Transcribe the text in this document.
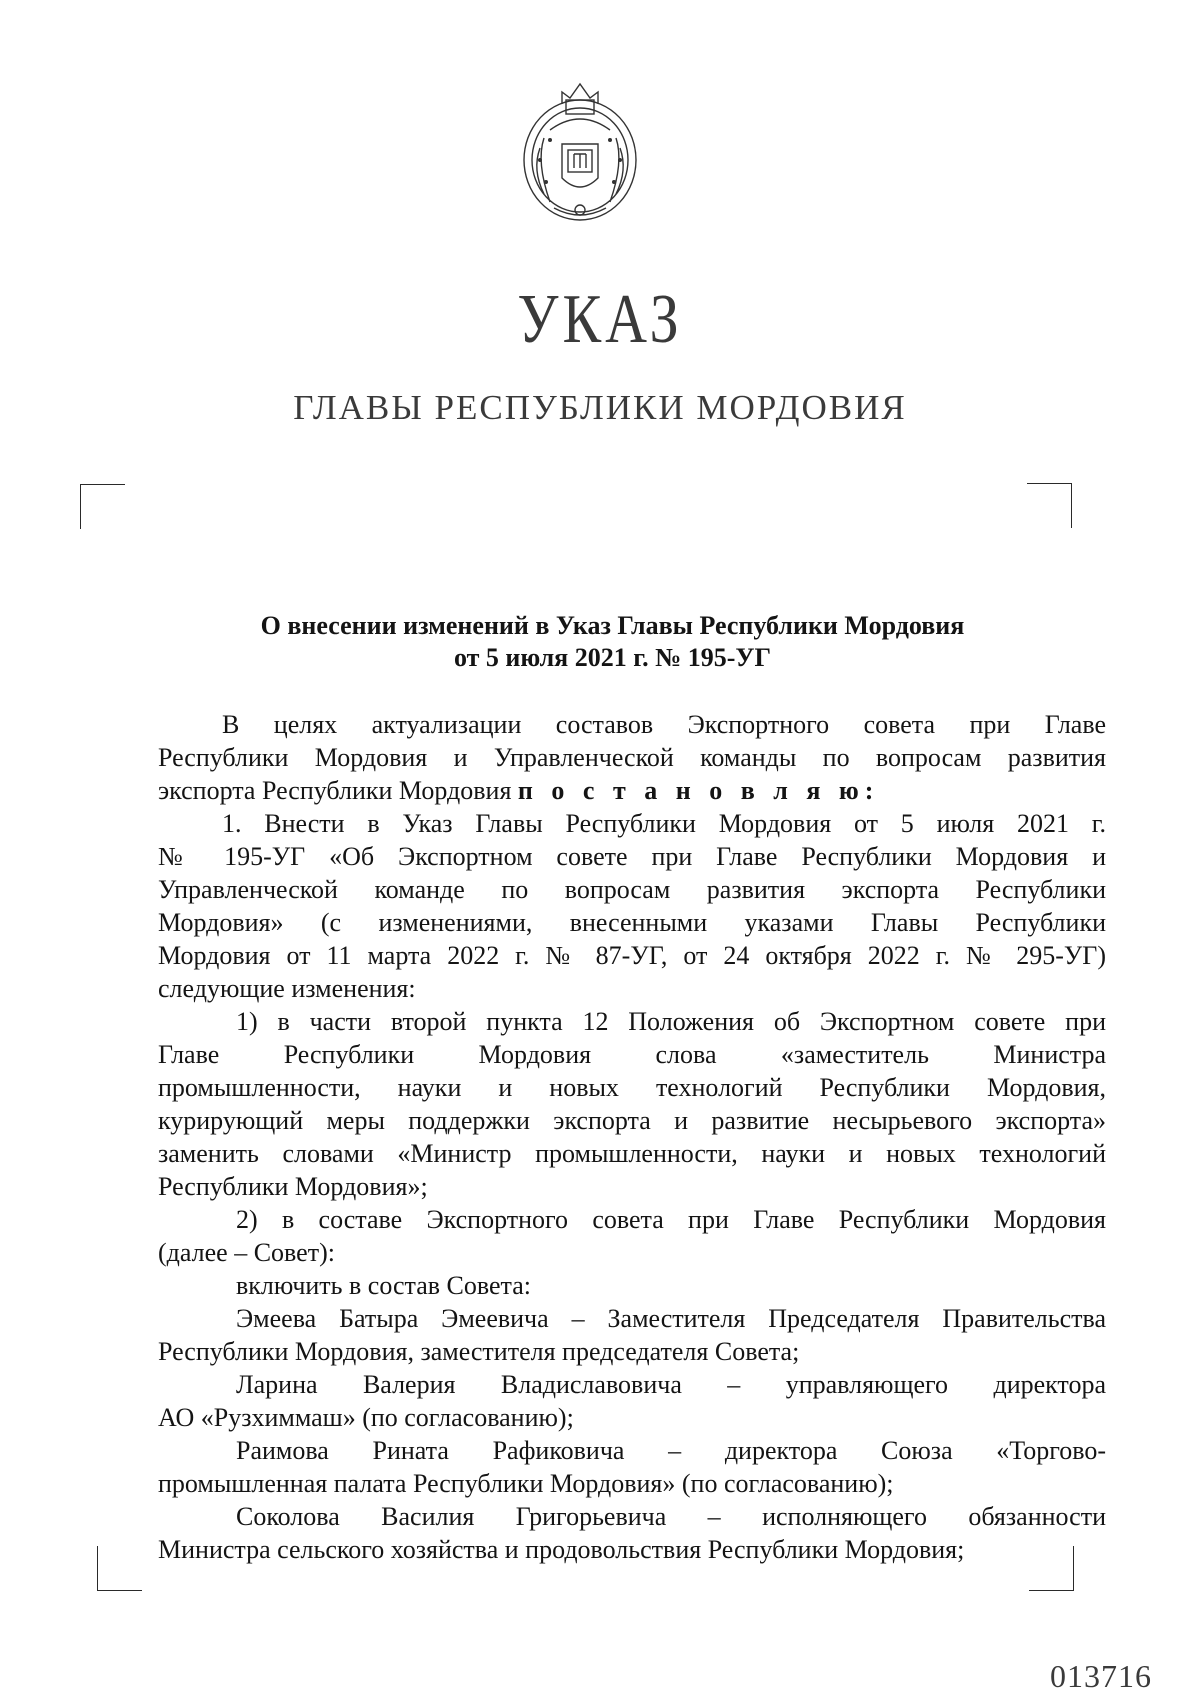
УКАЗ
ГЛАВЫ РЕСПУБЛИКИ МОРДОВИЯ
О внесении изменений в Указ Главы Республики Мордовия
от 5 июля 2021 г. № 195-УГ

В целях актуализации составов Экспортного совета при Главе

Республики Мордовия и Управленческой команды по вопросам развития

экспорта Республики Мордовия п о с т а н о в л я ю:

1. Внести в Указ Главы Республики Мордовия от 5 июля 2021 г.

№ 195-УГ «Об Экспортном совете при Главе Республики Мордовия и

Управленческой команде по вопросам развития экспорта Республики

Мордовия» (с изменениями, внесенными указами Главы Республики

Мордовия от 11 марта 2022 г. № 87-УГ, от 24 октября 2022 г. № 295-УГ)

следующие изменения:

1) в части второй пункта 12 Положения об Экспортном совете при

Главе Республики Мордовия слова «заместитель Министра

промышленности, науки и новых технологий Республики Мордовия,

курирующий меры поддержки экспорта и развитие несырьевого экспорта»

заменить словами «Министр промышленности, науки и новых технологий

Республики Мордовия»;

2) в составе Экспортного совета при Главе Республики Мордовия

(далее – Совет):

включить в состав Совета:

Эмеева Батыра Эмеевича – Заместителя Председателя Правительства

Республики Мордовия, заместителя председателя Совета;

Ларина Валерия Владиславовича – управляющего директора

АО «Рузхиммаш» (по согласованию);

Раимова Рината Рафиковича – директора Союза «Торгово-

промышленная палата Республики Мордовия» (по согласованию);

Соколова Василия Григорьевича – исполняющего обязанности

Министра сельского хозяйства и продовольствия Республики Мордовия;

013716
